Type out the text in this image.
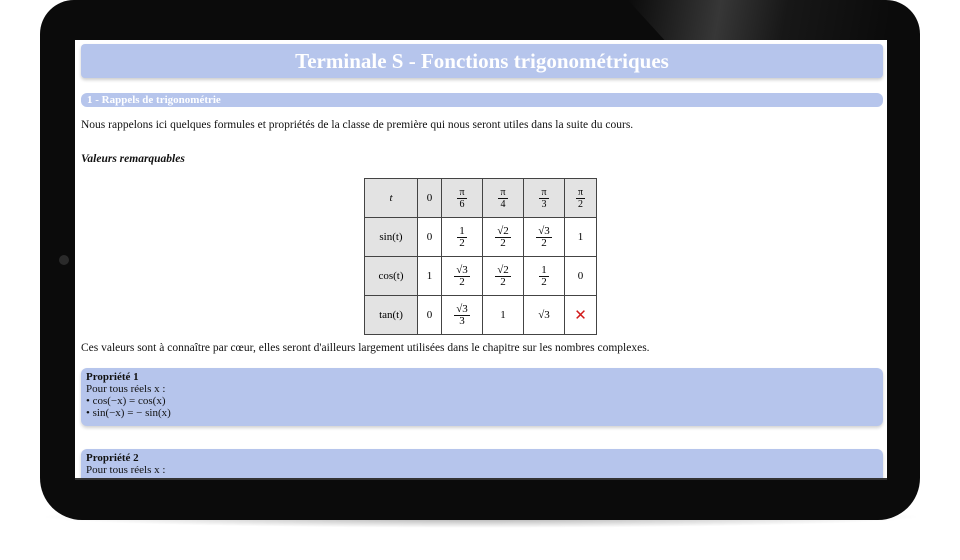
Terminale S - Fonctions trigonométriques
1 - Rappels de trigonométrie
Nous rappelons ici quelques formules et propriétés de la classe de première qui nous seront utiles dans la suite du cours.
Valeurs remarquables
t	0	$\frac{\pi}{6}$	$\frac{\pi}{4}$	$\frac{\pi}{3}$	$\frac{\pi}{2}$

sin(t)	0	$\frac{1}{2}$	$\frac{√2}{2}$	$\frac{√3}{2}$	1
cos(t)	1	$\frac{√3}{2}$	$\frac{√2}{2}$	$\frac{1}{2}$	0
tan(t)	0	$\frac{√3}{3}$	1	√3	✕
Ces valeurs sont à connaître par cœur, elles seront d'ailleurs largement utilisées dans le chapitre sur les nombres complexes.
Propriété 1
Pour tous réels x :
• cos(−x) = cos(x)
• sin(−x) = − sin(x)
Propriété 2
Pour tous réels x :
